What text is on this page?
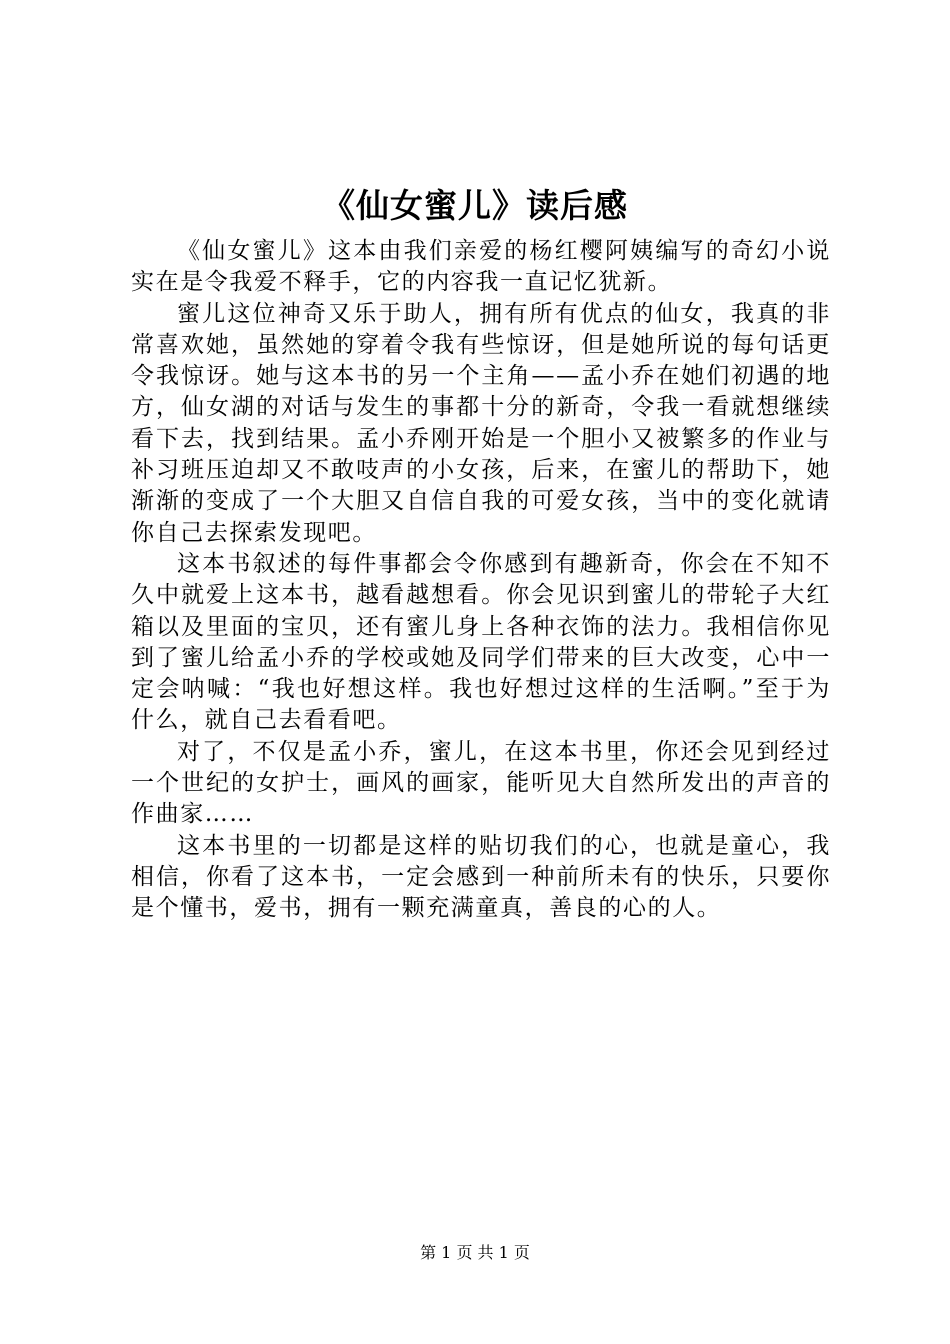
《仙女蜜儿》读后感

《仙女蜜儿》这本由我们亲爱的杨红樱阿姨编写的奇幻小说实在是令我爱不释手，它的内容我一直记忆犹新。

蜜儿这位神奇又乐于助人，拥有所有优点的仙女，我真的非常喜欢她，虽然她的穿着令我有些惊讶，但是她所说的每句话更令我惊讶。她与这本书的另一个主角——孟小乔在她们初遇的地方，仙女湖的对话与发生的事都十分的新奇，令我一看就想继续看下去，找到结果。孟小乔刚开始是一个胆小又被繁多的作业与补习班压迫却又不敢吱声的小女孩，后来，在蜜儿的帮助下，她渐渐的变成了一个大胆又自信自我的可爱女孩，当中的变化就请你自己去探索发现吧。

这本书叙述的每件事都会令你感到有趣新奇，你会在不知不久中就爱上这本书，越看越想看。你会见识到蜜儿的带轮子大红箱以及里面的宝贝，还有蜜儿身上各种衣饰的法力。我相信你见到了蜜儿给孟小乔的学校或她及同学们带来的巨大改变，心中一定会呐喊：“我也好想这样。我也好想过这样的生活啊。”至于为什么，就自己去看看吧。

对了，不仅是孟小乔，蜜儿，在这本书里，你还会见到经过一个世纪的女护士，画风的画家，能听见大自然所发出的声音的作曲家……

这本书里的一切都是这样的贴切我们的心，也就是童心，我相信，你看了这本书，一定会感到一种前所未有的快乐，只要你是个懂书，爱书，拥有一颗充满童真，善良的心的人。

第 1 页 共 1 页
